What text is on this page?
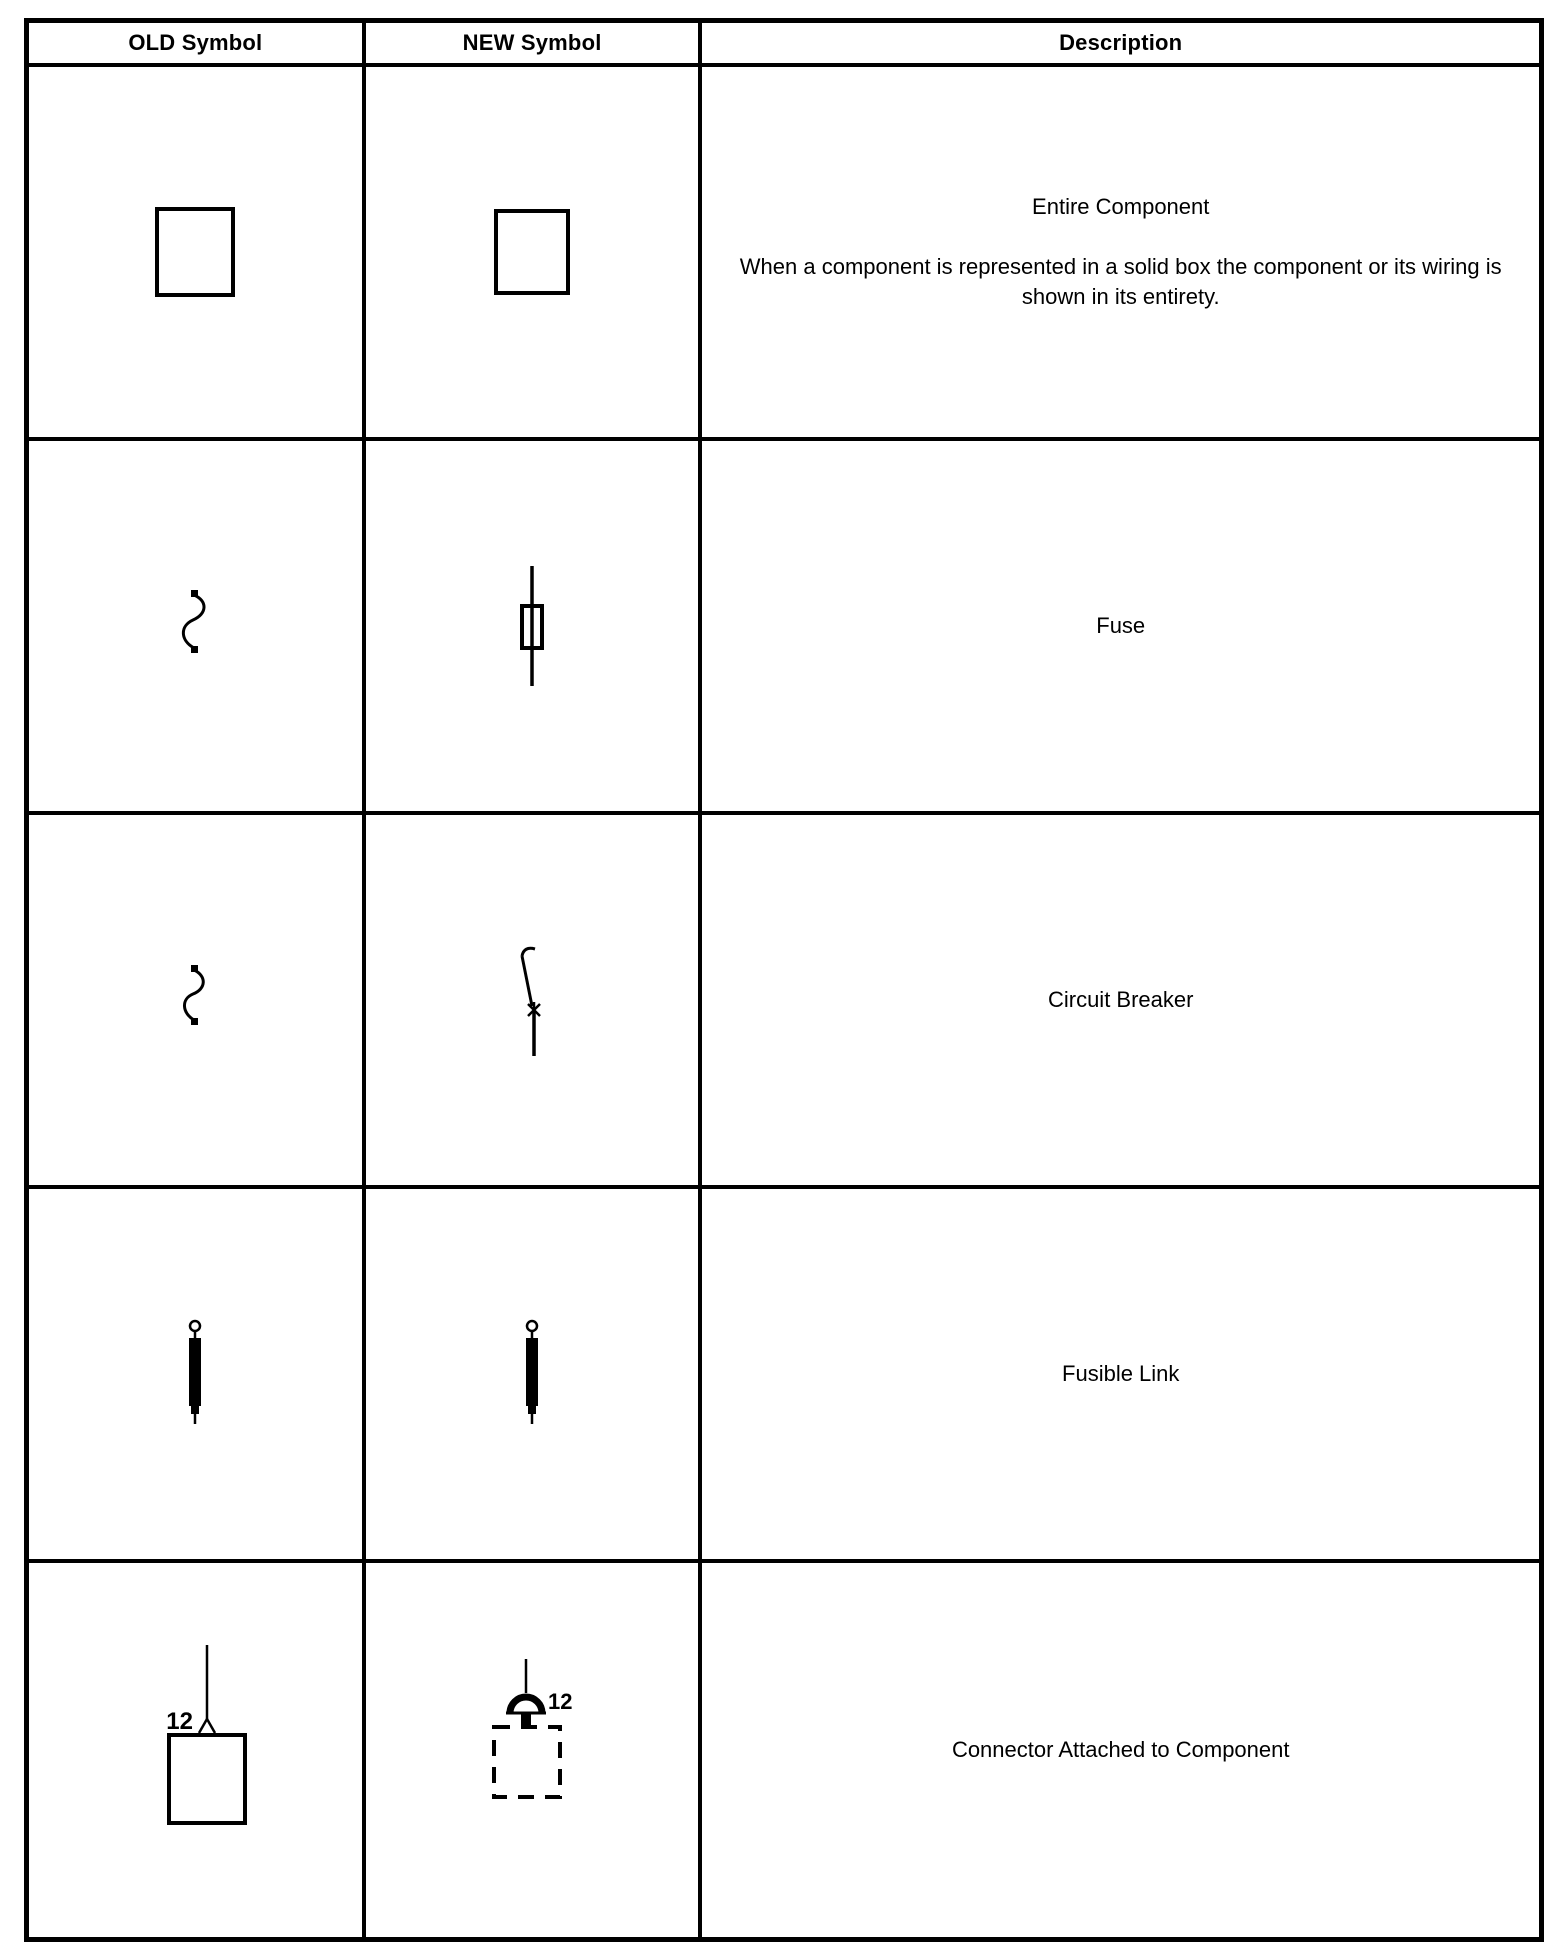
OLD Symbol	NEW Symbol	Description
Entire Component
When a component is represented in a solid box the component or its wiring is shown in its entirety.
Fuse
Circuit Breaker
Fusible Link
12
12
Connector Attached to Component
